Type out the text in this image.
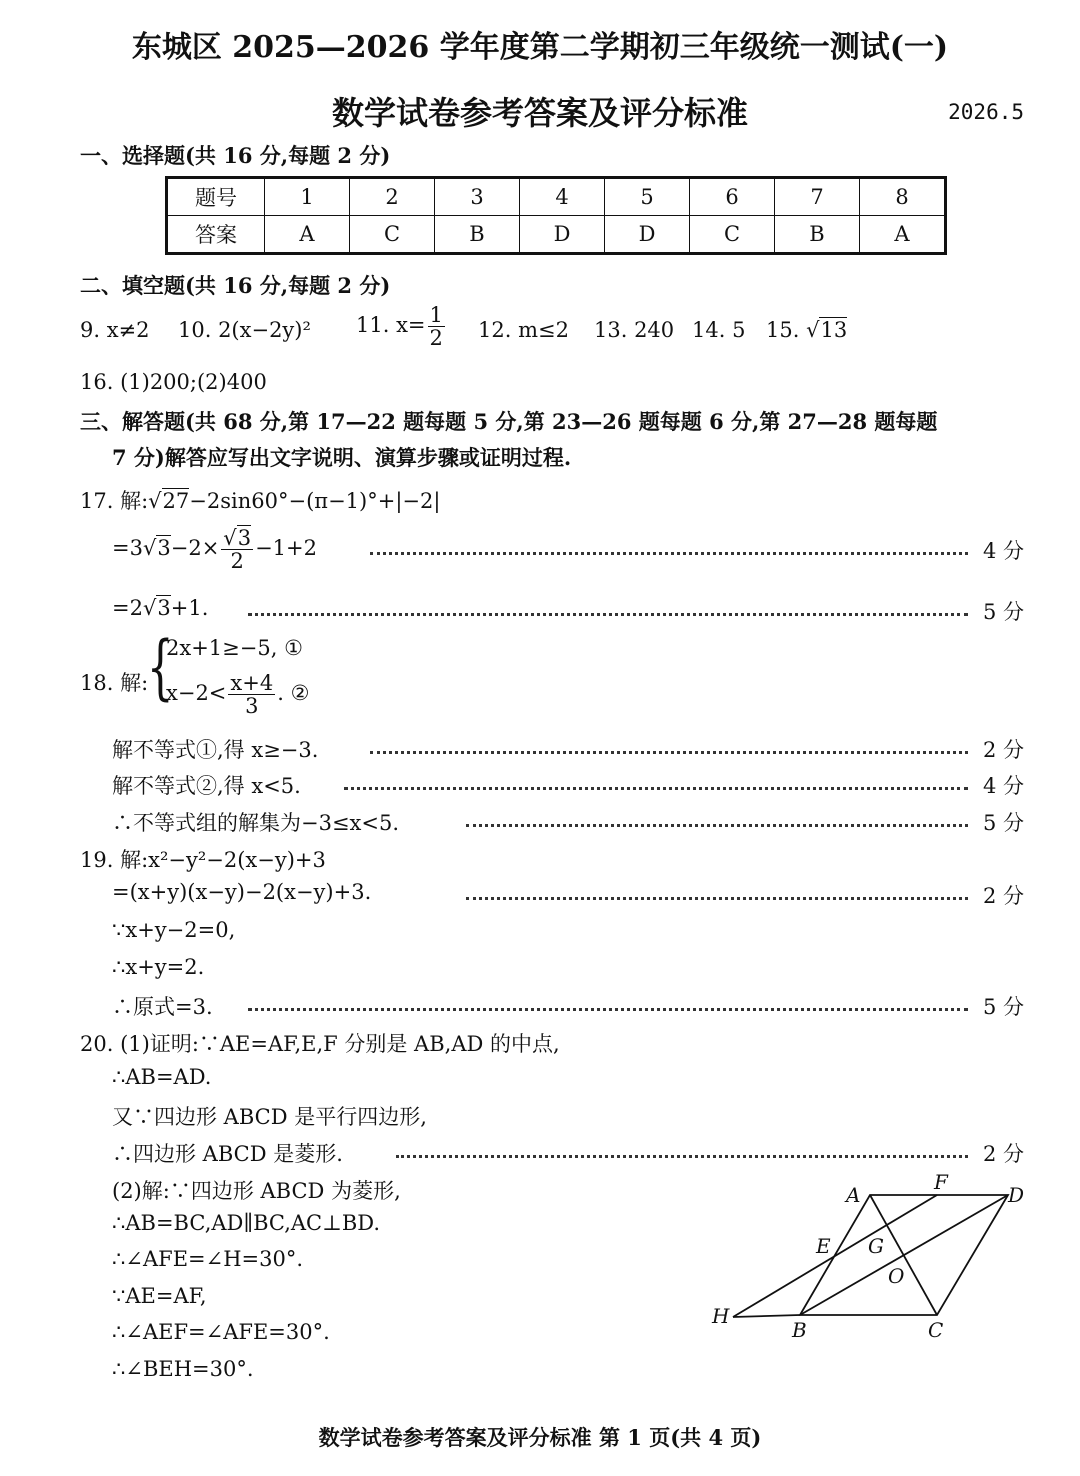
东城区 2025—2026 学年度第二学期初三年级统一测试(一)
数学试卷参考答案及评分标准	2026.5
一、选择题(共 16 分,每题 2 分)
题号	1	2	3	4	5	6	7	8
答案	A	C	B	D	D	C	B	A
二、填空题(共 16 分,每题 2 分)
9. x≠2 10. 2(x−2y)² 11. $x= \frac{1}{2} 12$. m≤2 13. 240 14. 5 15. √13
16. (1)200;(2)400
三、解答题(共 68 分,第 17—22 题每题 5 分,第 23—26 题每题 6 分,第 27—28 题每题
7 分)解答应写出文字说明、演算步骤或证明过程.
17. 解:√27−2sin60°−(π−1)°+|−2|
$=3√3-2\times \frac{√3}{2} -1+2$	4 分
=2√3+1.	5 分
18. 解:
{
2x+1≥−5, ①
$x-2< \frac{x+4}{3}$ . ②
解不等式①,得 x≥−3.	2 分
解不等式②,得 x<5.	4 分
∴不等式组的解集为−3≤x<5.	5 分
19. 解:x²−y²−2(x−y)+3
=(x+y)(x−y)−2(x−y)+3.	2 分
∵x+y−2=0,
∴x+y=2.
∴原式=3.	5 分
20. (1)证明:∵AE=AF,E,F 分别是 AB,AD 的中点,
∴AB=AD.
又∵四边形 ABCD 是平行四边形,
∴四边形 ABCD 是菱形.	2 分
(2)解:∵四边形 ABCD 为菱形,
∴AB=BC,AD∥BC,AC⊥BD.
∴∠AFE=∠H=30°.
∵AE=AF,
∴∠AEF=∠AFE=30°.
∴∠BEH=30°.
A
F
D
E G
O
H
B	C
数学试卷参考答案及评分标准 第 1 页(共 4 页)
